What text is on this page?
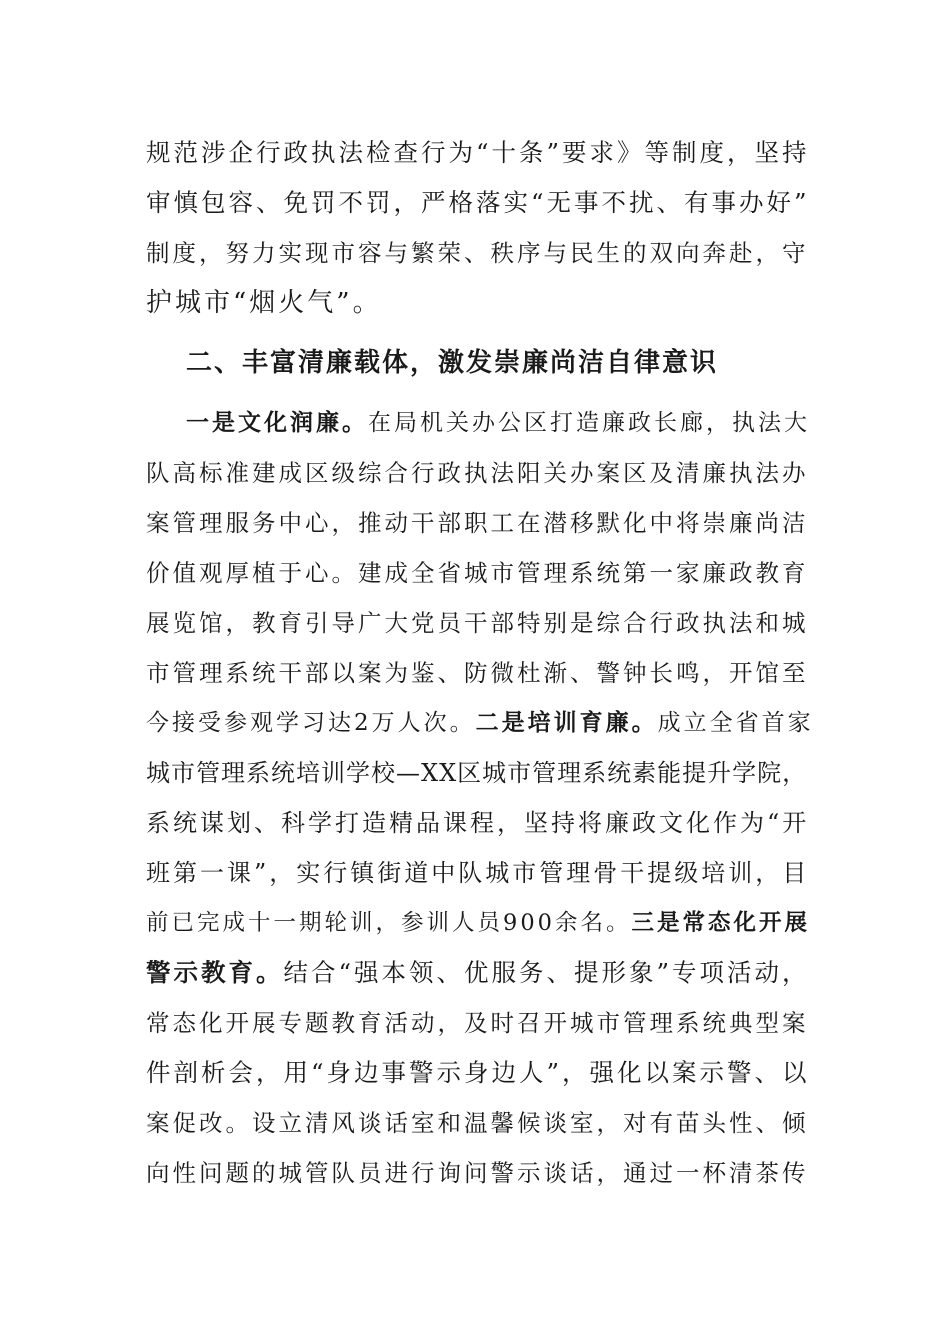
规范涉企行政执法检查行为“十条”要求》等制度，坚持
审慎包容、免罚不罚，严格落实“无事不扰、有事办好”
制度，努力实现市容与繁荣、秩序与民生的双向奔赴，守
护城市“烟火气”。
二、丰富清廉载体，激发崇廉尚洁自律意识
一是文化润廉。在局机关办公区打造廉政长廊，执法大
队高标准建成区级综合行政执法阳关办案区及清廉执法办
案管理服务中心，推动干部职工在潜移默化中将崇廉尚洁
价值观厚植于心。建成全省城市管理系统第一家廉政教育
展览馆，教育引导广大党员干部特别是综合行政执法和城
市管理系统干部以案为鉴、防微杜渐、警钟长鸣，开馆至
今接受参观学习达2万人次。二是培训育廉。成立全省首家
城市管理系统培训学校—XX区城市管理系统素能提升学院，
系统谋划、科学打造精品课程，坚持将廉政文化作为“开
班第一课”，实行镇街道中队城市管理骨干提级培训，目
前已完成十一期轮训，参训人员900余名。三是常态化开展
警示教育。结合“强本领、优服务、提形象”专项活动，
常态化开展专题教育活动，及时召开城市管理系统典型案
件剖析会，用“身边事警示身边人”，强化以案示警、以
案促改。设立清风谈话室和温馨候谈室，对有苗头性、倾
向性问题的城管队员进行询问警示谈话，通过一杯清茶传
